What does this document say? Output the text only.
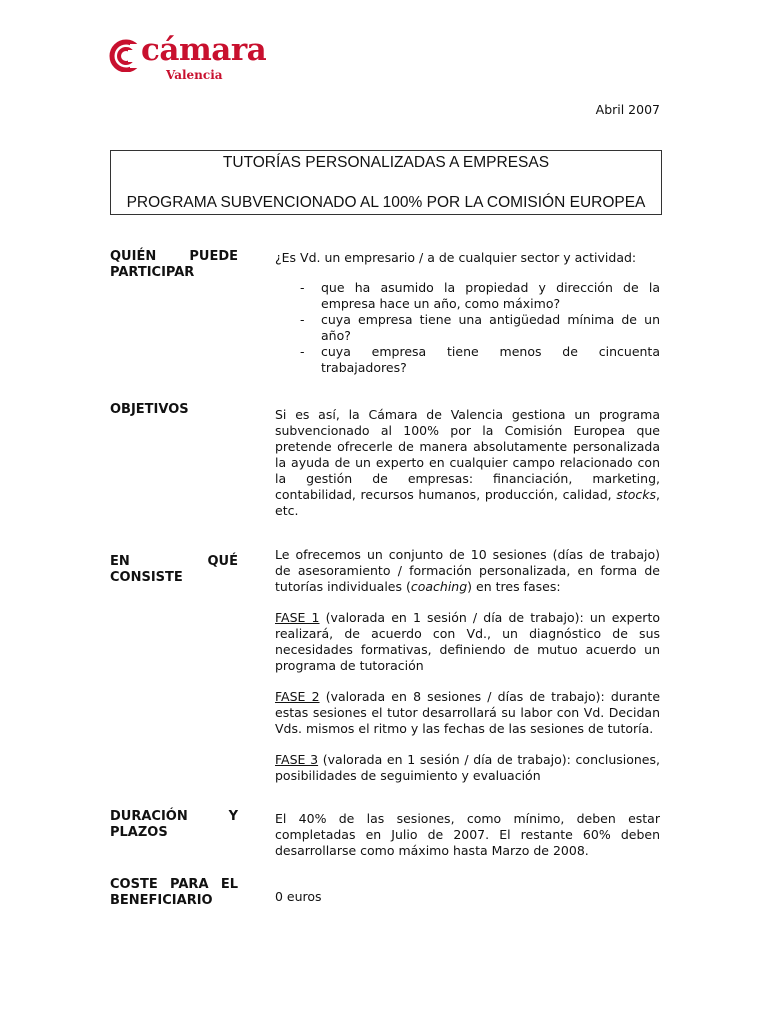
cámara
Valencia
Abril 2007
TUTORÍAS PERSONALIZADAS A EMPRESAS
PROGRAMA SUBVENCIONADO AL 100% POR LA COMISIÓN EUROPEA
QUIÉN PUEDE PARTICIPAR

¿Es Vd. un empresario / a de cualquier sector y actividad:

- que ha asumido la propiedad y dirección de la empresa hace un año, como máximo?
- cuya empresa tiene una antigüedad mínima de un año?
- cuya empresa tiene menos de cincuenta trabajadores?
OBJETIVOS	Si es así, la Cámara de Valencia gestiona un programa subvencionado al 100% por la Comisión Europea que pretende ofrecerle de manera absolutamente personalizada la ayuda de un experto en cualquier campo relacionado con la gestión de empresas: financiación, marketing, contabilidad, recursos humanos, producción, calidad, stocks, etc.

EN QUÉ CONSISTE

Le ofrecemos un conjunto de 10 sesiones (días de trabajo) de asesoramiento / formación personalizada, en forma de tutorías individuales (coaching) en tres fases:

FASE 1 (valorada en 1 sesión / día de trabajo): un experto realizará, de acuerdo con Vd., un diagnóstico de sus necesidades formativas, definiendo de mutuo acuerdo un programa de tutoración

FASE 2 (valorada en 8 sesiones / días de trabajo): durante estas sesiones el tutor desarrollará su labor con Vd. Decidan Vds. mismos el ritmo y las fechas de las sesiones de tutoría.

FASE 3 (valorada en 1 sesión / día de trabajo): conclusiones, posibilidades de seguimiento y evaluación

DURACIÓN Y PLAZOS

El 40% de las sesiones, como mínimo, deben estar completadas en Julio de 2007. El restante 60% deben desarrollarse como máximo hasta Marzo de 2008.

COSTE PARA EL BENEFICIARIO	0 euros
